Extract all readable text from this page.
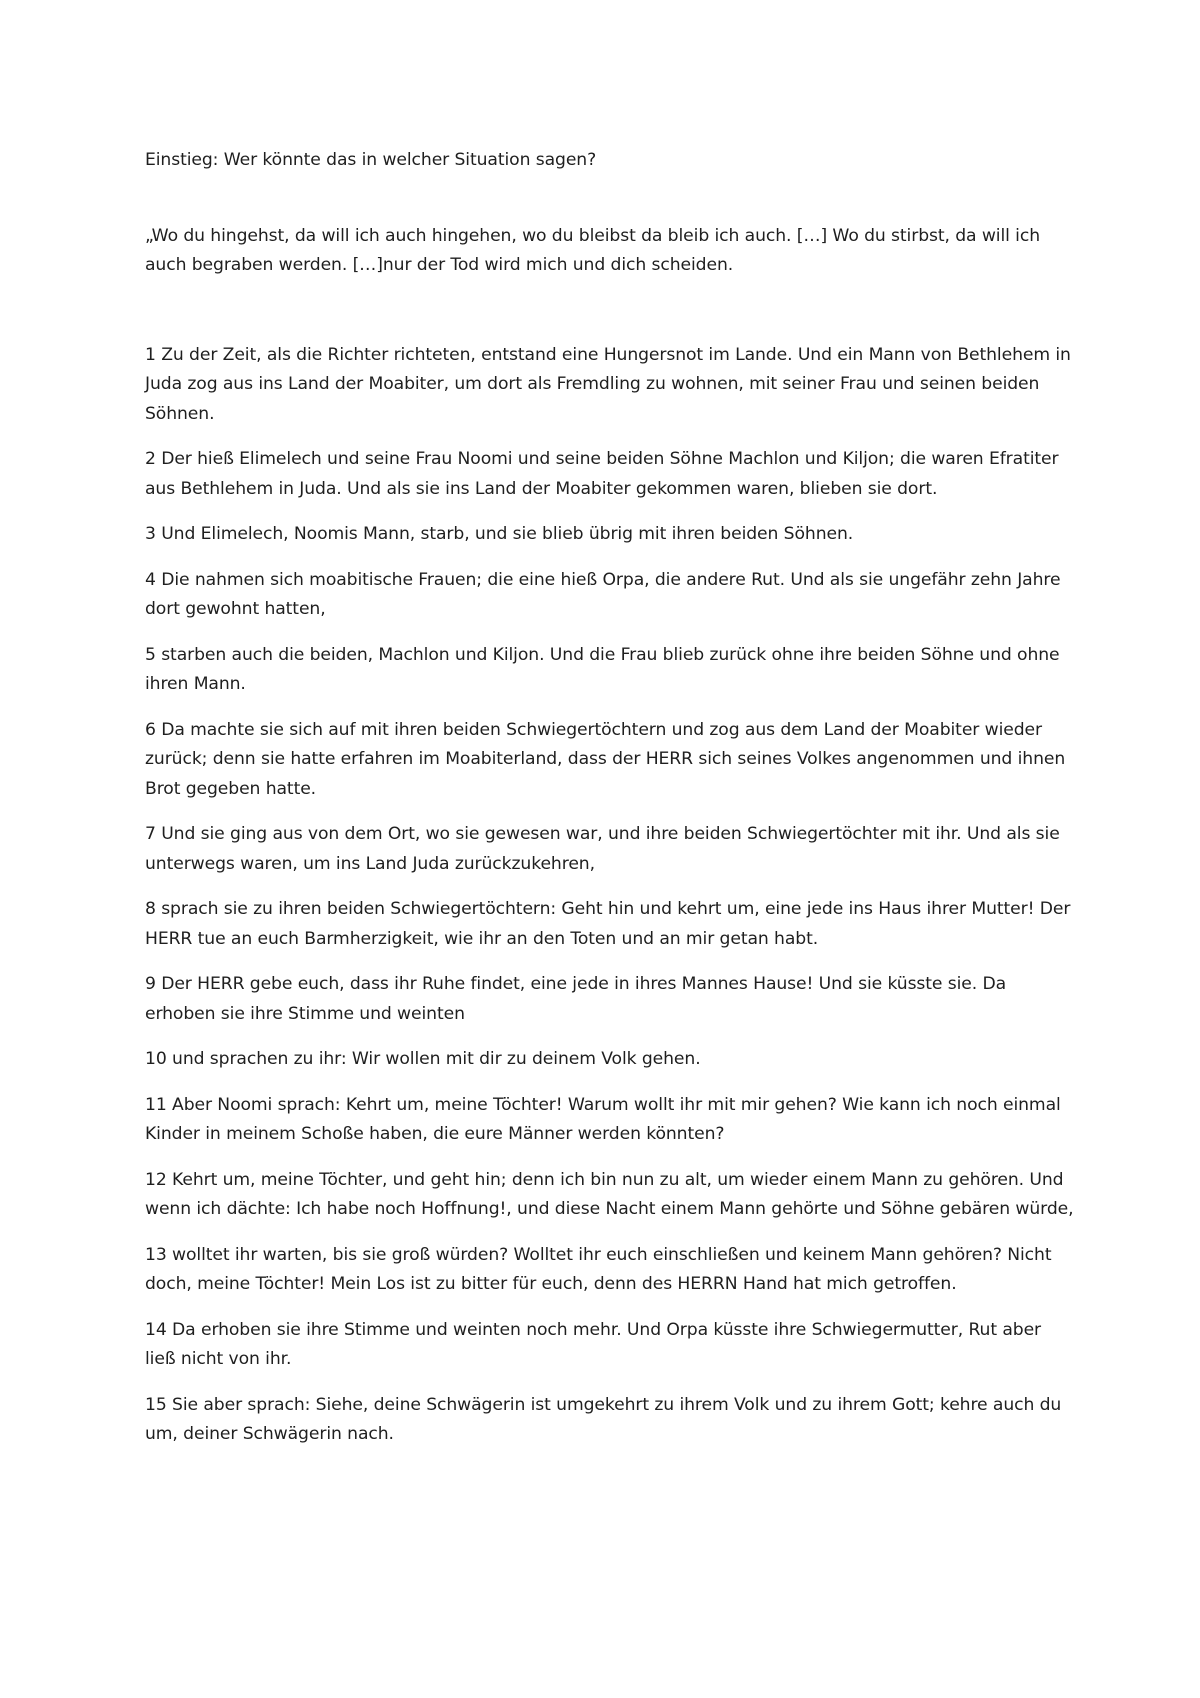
Einstieg: Wer könnte das in welcher Situation sagen?

„Wo du hingehst, da will ich auch hingehen, wo du bleibst da bleib ich auch. […] Wo du stirbst, da will ich auch begraben werden. […]nur der Tod wird mich und dich scheiden.

1 Zu der Zeit, als die Richter richteten, entstand eine Hungersnot im Lande. Und ein Mann von Bethlehem in Juda zog aus ins Land der Moabiter, um dort als Fremdling zu wohnen, mit seiner Frau und seinen beiden Söhnen.

2 Der hieß Elimelech und seine Frau Noomi und seine beiden Söhne Machlon und Kiljon; die waren Efratiter aus Bethlehem in Juda. Und als sie ins Land der Moabiter gekommen waren, blieben sie dort.

3 Und Elimelech, Noomis Mann, starb, und sie blieb übrig mit ihren beiden Söhnen.

4 Die nahmen sich moabitische Frauen; die eine hieß Orpa, die andere Rut. Und als sie ungefähr zehn Jahre dort gewohnt hatten,

5 starben auch die beiden, Machlon und Kiljon. Und die Frau blieb zurück ohne ihre beiden Söhne und ohne ihren Mann.

6 Da machte sie sich auf mit ihren beiden Schwiegertöchtern und zog aus dem Land der Moabiter wieder zurück; denn sie hatte erfahren im Moabiterland, dass der HERR sich seines Volkes angenommen und ihnen Brot gegeben hatte.

7 Und sie ging aus von dem Ort, wo sie gewesen war, und ihre beiden Schwiegertöchter mit ihr. Und als sie unterwegs waren, um ins Land Juda zurückzukehren,

8 sprach sie zu ihren beiden Schwiegertöchtern: Geht hin und kehrt um, eine jede ins Haus ihrer Mutter! Der HERR tue an euch Barmherzigkeit, wie ihr an den Toten und an mir getan habt.

9 Der HERR gebe euch, dass ihr Ruhe findet, eine jede in ihres Mannes Hause! Und sie küsste sie. Da erhoben sie ihre Stimme und weinten

10 und sprachen zu ihr: Wir wollen mit dir zu deinem Volk gehen.

11 Aber Noomi sprach: Kehrt um, meine Töchter! Warum wollt ihr mit mir gehen? Wie kann ich noch einmal Kinder in meinem Schoße haben, die eure Männer werden könnten?

12 Kehrt um, meine Töchter, und geht hin; denn ich bin nun zu alt, um wieder einem Mann zu gehören. Und wenn ich dächte: Ich habe noch Hoffnung!, und diese Nacht einem Mann gehörte und Söhne gebären würde,

13 wolltet ihr warten, bis sie groß würden? Wolltet ihr euch einschließen und keinem Mann gehören? Nicht doch, meine Töchter! Mein Los ist zu bitter für euch, denn des HERRN Hand hat mich getroffen.

14 Da erhoben sie ihre Stimme und weinten noch mehr. Und Orpa küsste ihre Schwiegermutter, Rut aber ließ nicht von ihr.

15 Sie aber sprach: Siehe, deine Schwägerin ist umgekehrt zu ihrem Volk und zu ihrem Gott; kehre auch du um, deiner Schwägerin nach.
